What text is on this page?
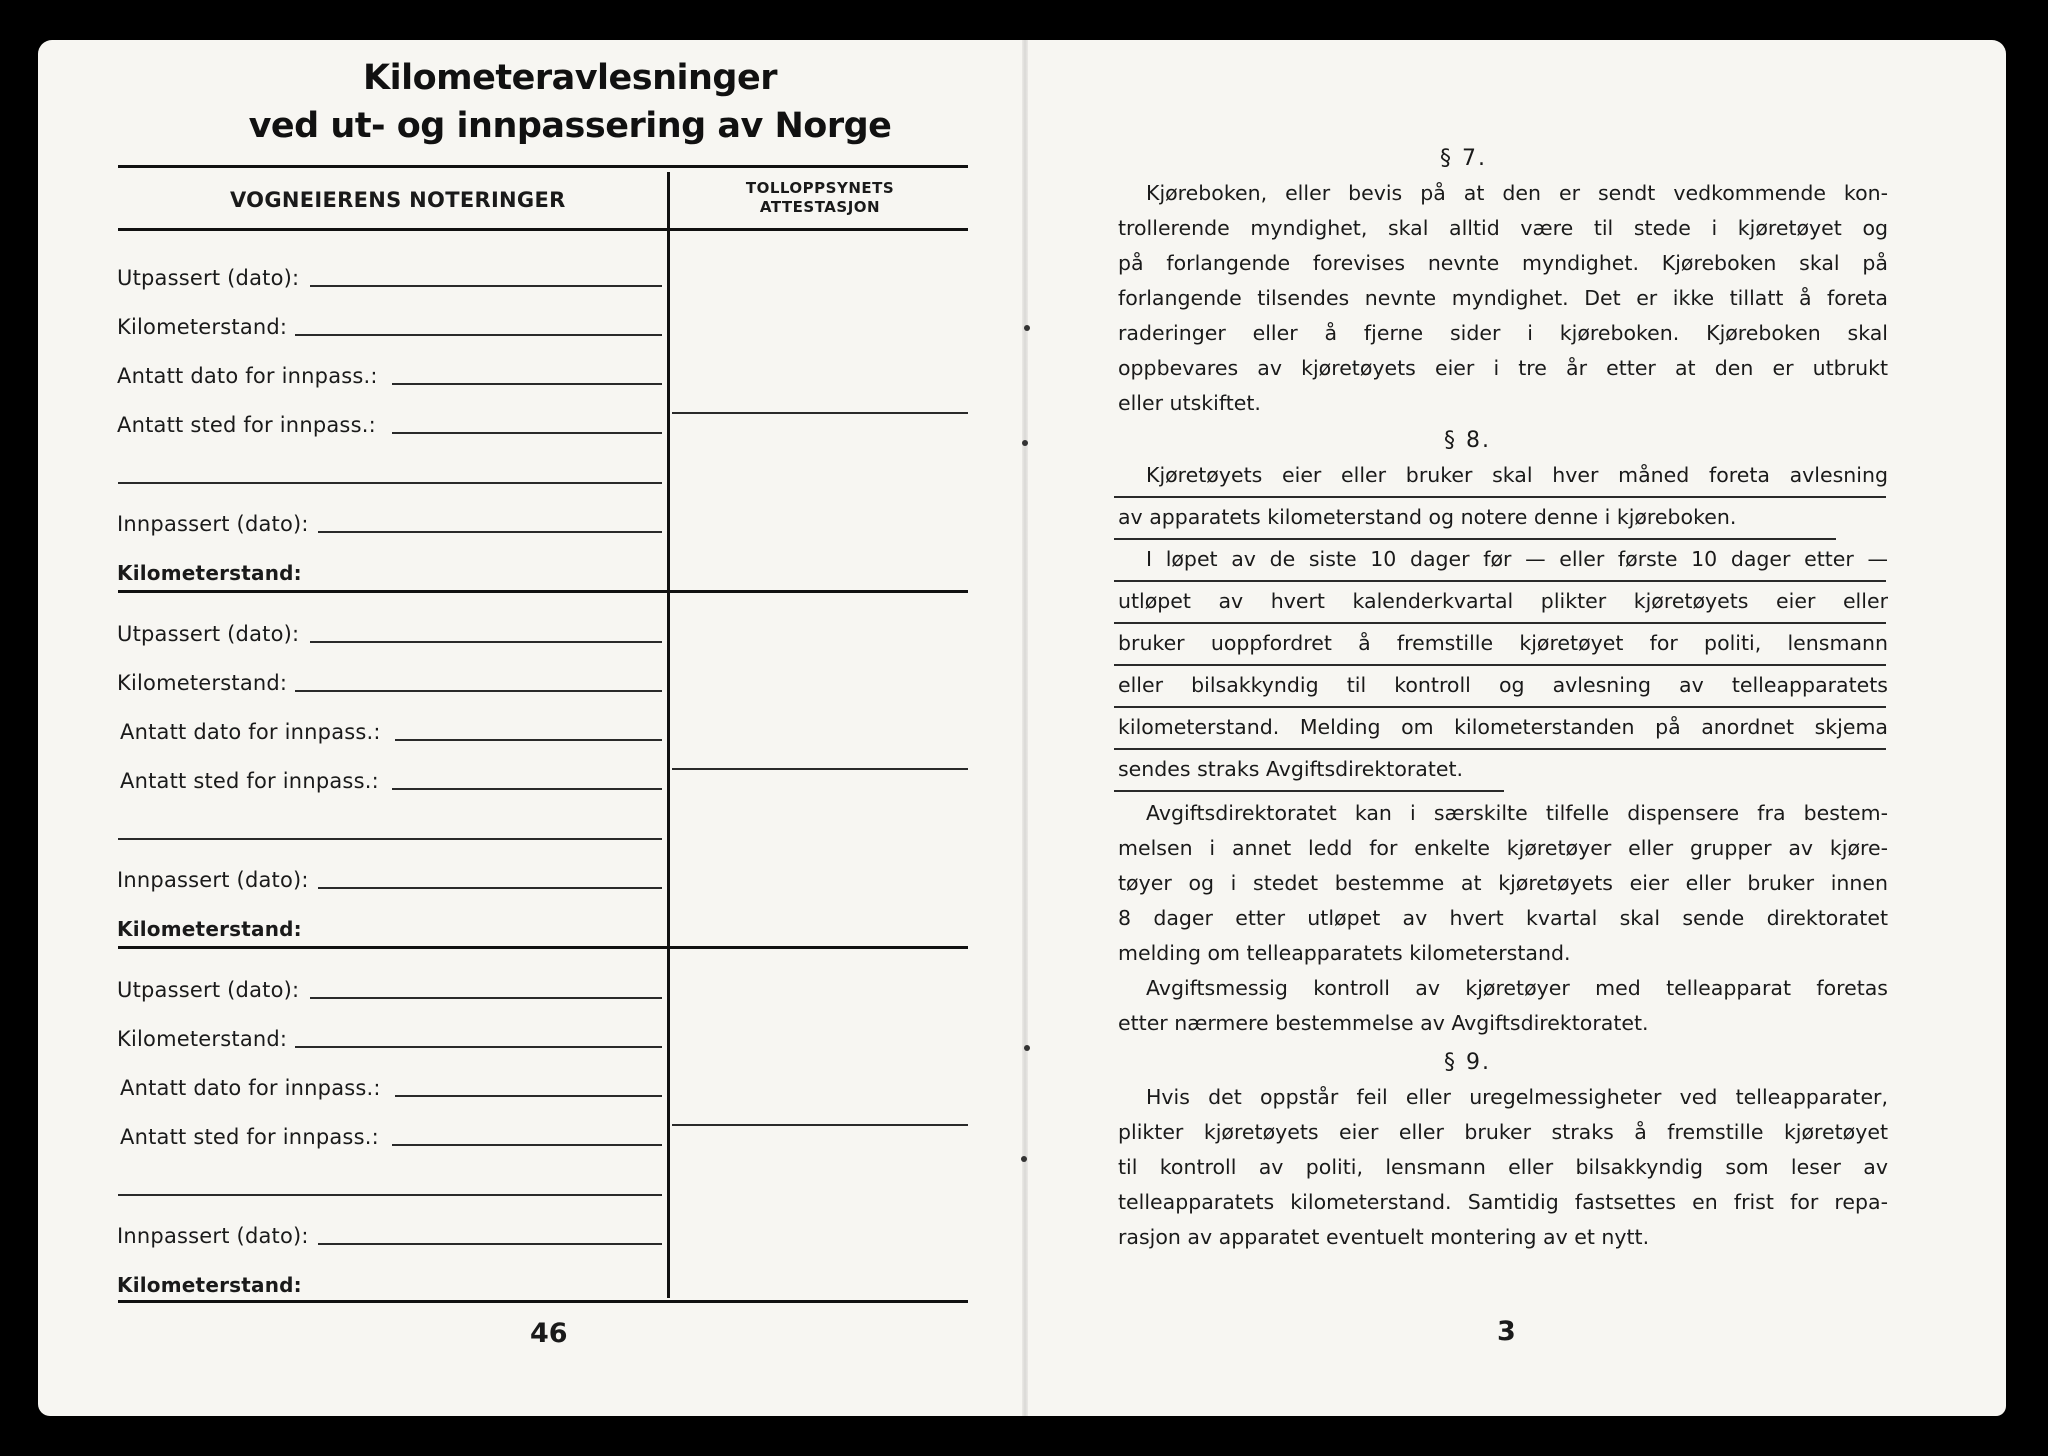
Kilometeravlesninger
ved ut- og innpassering av Norge
VOGNEIERENS NOTERINGER	TOLLOPPSYNETS
ATTESTASJON
Utpassert (dato):
Kilometerstand:
Antatt dato for innpass.:
Antatt sted for innpass.:
Innpassert (dato):
Kilometerstand:
Utpassert (dato):
Kilometerstand:
Antatt dato for innpass.:
Antatt sted for innpass.:
Innpassert (dato):
Kilometerstand:
Utpassert (dato):
Kilometerstand:
Antatt dato for innpass.:
Antatt sted for innpass.:
Innpassert (dato):
Kilometerstand:
46
§ 7.
Kjøreboken, eller bevis på at den er sendt vedkommende kon-
trollerende myndighet, skal alltid være til stede i kjøretøyet og
på forlangende forevises nevnte myndighet. Kjøreboken skal på
forlangende tilsendes nevnte myndighet. Det er ikke tillatt å foreta
raderinger eller å fjerne sider i kjøreboken. Kjøreboken skal
oppbevares av kjøretøyets eier i tre år etter at den er utbrukt
eller utskiftet.
§ 8.
Kjøretøyets eier eller bruker skal hver måned foreta avlesning
av apparatets kilometerstand og notere denne i kjøreboken.
I løpet av de siste 10 dager før — eller første 10 dager etter —
utløpet av hvert kalenderkvartal plikter kjøretøyets eier eller
bruker uoppfordret å fremstille kjøretøyet for politi, lensmann
eller bilsakkyndig til kontroll og avlesning av telleapparatets
kilometerstand. Melding om kilometerstanden på anordnet skjema
sendes straks Avgiftsdirektoratet.
Avgiftsdirektoratet kan i særskilte tilfelle dispensere fra bestem-
melsen i annet ledd for enkelte kjøretøyer eller grupper av kjøre-
tøyer og i stedet bestemme at kjøretøyets eier eller bruker innen
8 dager etter utløpet av hvert kvartal skal sende direktoratet
melding om telleapparatets kilometerstand.
Avgiftsmessig kontroll av kjøretøyer med telleapparat foretas
etter nærmere bestemmelse av Avgiftsdirektoratet.
§ 9.
Hvis det oppstår feil eller uregelmessigheter ved telleapparater,
plikter kjøretøyets eier eller bruker straks å fremstille kjøretøyet
til kontroll av politi, lensmann eller bilsakkyndig som leser av
telleapparatets kilometerstand. Samtidig fastsettes en frist for repa-
rasjon av apparatet eventuelt montering av et nytt.
3
